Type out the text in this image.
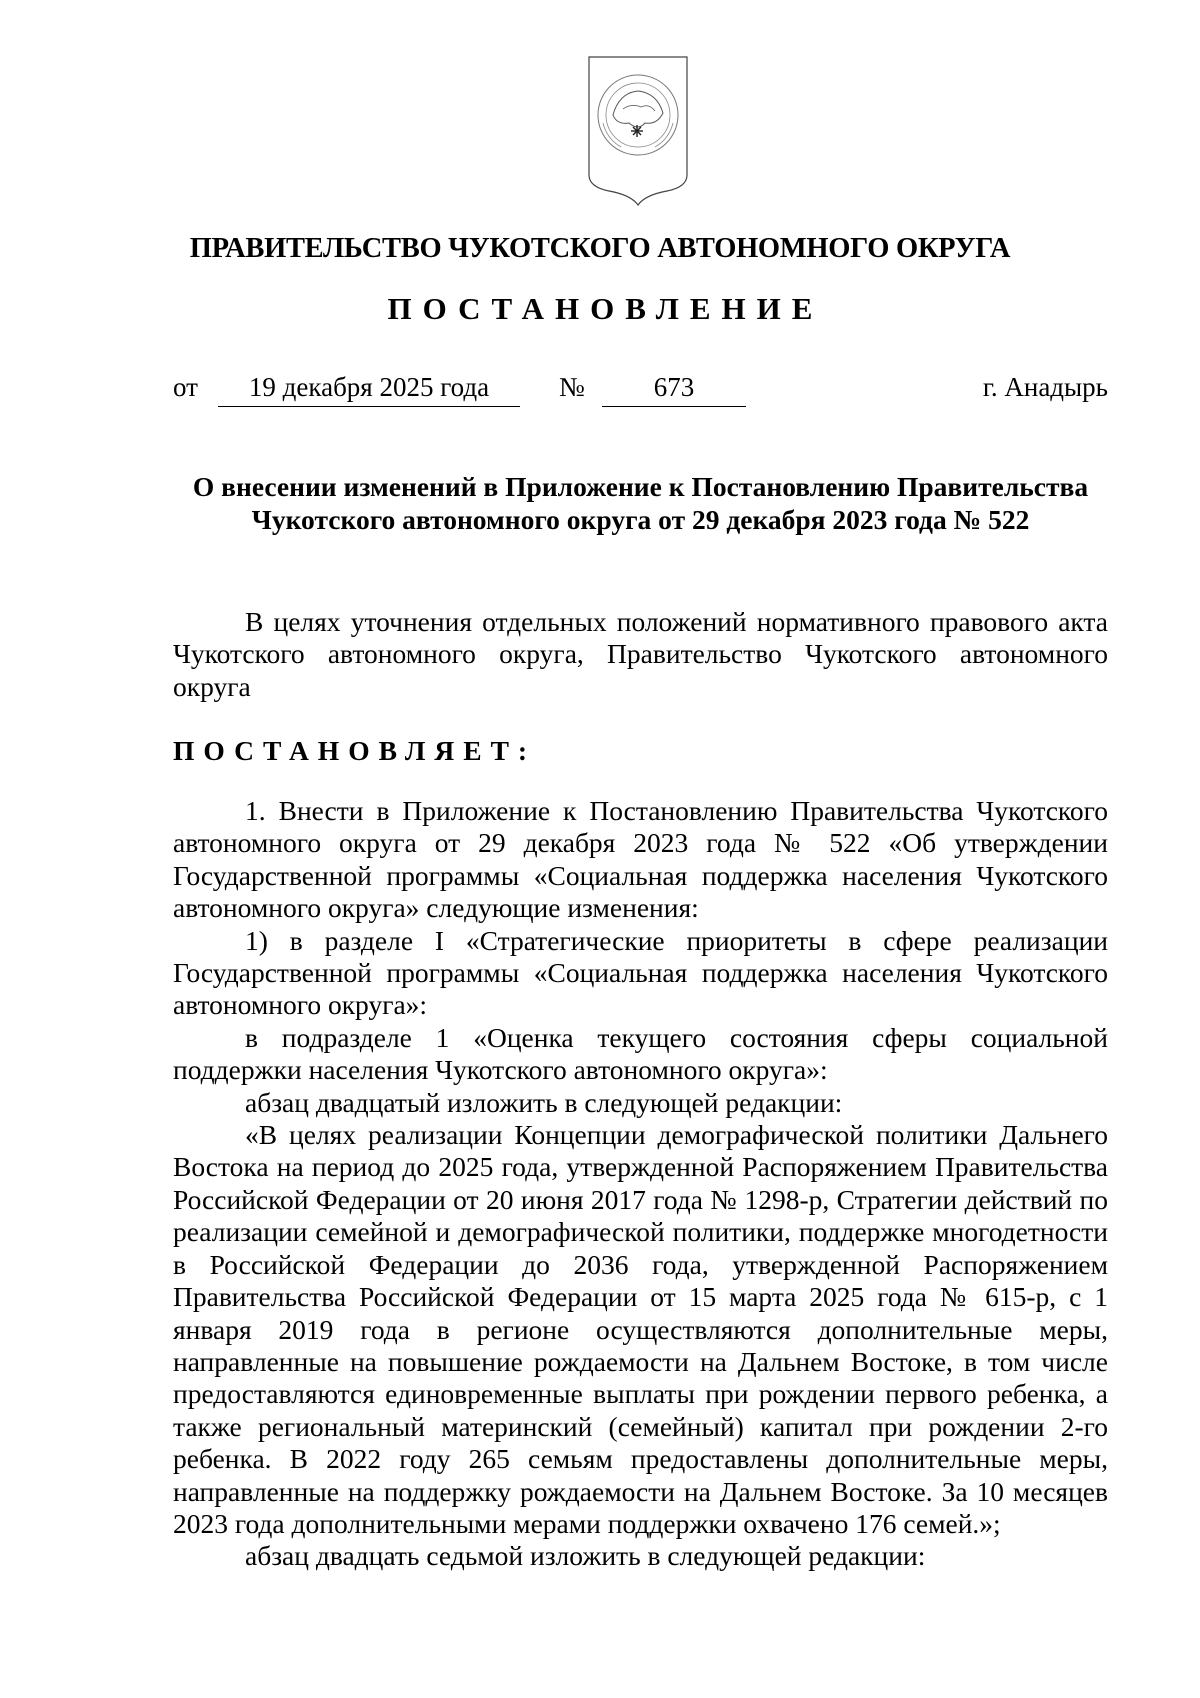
ПРАВИТЕЛЬСТВО ЧУКОТСКОГО АВТОНОМНОГО ОКРУГА
ПОСТАНОВЛЕНИЕ
от	19 декабря 2025 года	№	673	г. Анадырь
О внесении изменений в Приложение к Постановлению Правительства
Чукотского автономного округа от 29 декабря 2023 года № 522

В целях уточнения отдельных положений нормативного правового акта Чукотского автономного округа, Правительство Чукотского автономного округа

ПОСТАНОВЛЯЕТ:

1. Внести в Приложение к Постановлению Правительства Чукотского автономного округа от 29 декабря 2023 года № 522 «Об утверждении Государственной программы «Социальная поддержка населения Чукотского автономного округа» следующие изменения:

1) в разделе I «Стратегические приоритеты в сфере реализации Государственной программы «Социальная поддержка населения Чукотского автономного округа»:

в подразделе 1 «Оценка текущего состояния сферы социальной поддержки населения Чукотского автономного округа»:

абзац двадцатый изложить в следующей редакции:

«В целях реализации Концепции демографической политики Дальнего Востока на период до 2025 года, утвержденной Распоряжением Правительства Российской Федерации от 20 июня 2017 года № 1298-р, Стратегии действий по реализации семейной и демографической политики, поддержке многодетности в Российской Федерации до 2036 года, утвержденной Распоряжением Правительства Российской Федерации от 15 марта 2025 года № 615-р, с 1 января 2019 года в регионе осуществляются дополнительные меры, направленные на повышение рождаемости на Дальнем Востоке, в том числе предоставляются единовременные выплаты при рождении первого ребенка, а также региональный материнский (семейный) капитал при рождении 2-го ребенка. В 2022 году 265 семьям предоставлены дополнительные меры, направленные на поддержку рождаемости на Дальнем Востоке. За 10 месяцев 2023 года дополнительными мерами поддержки охвачено 176 семей.»;

абзац двадцать седьмой изложить в следующей редакции:
